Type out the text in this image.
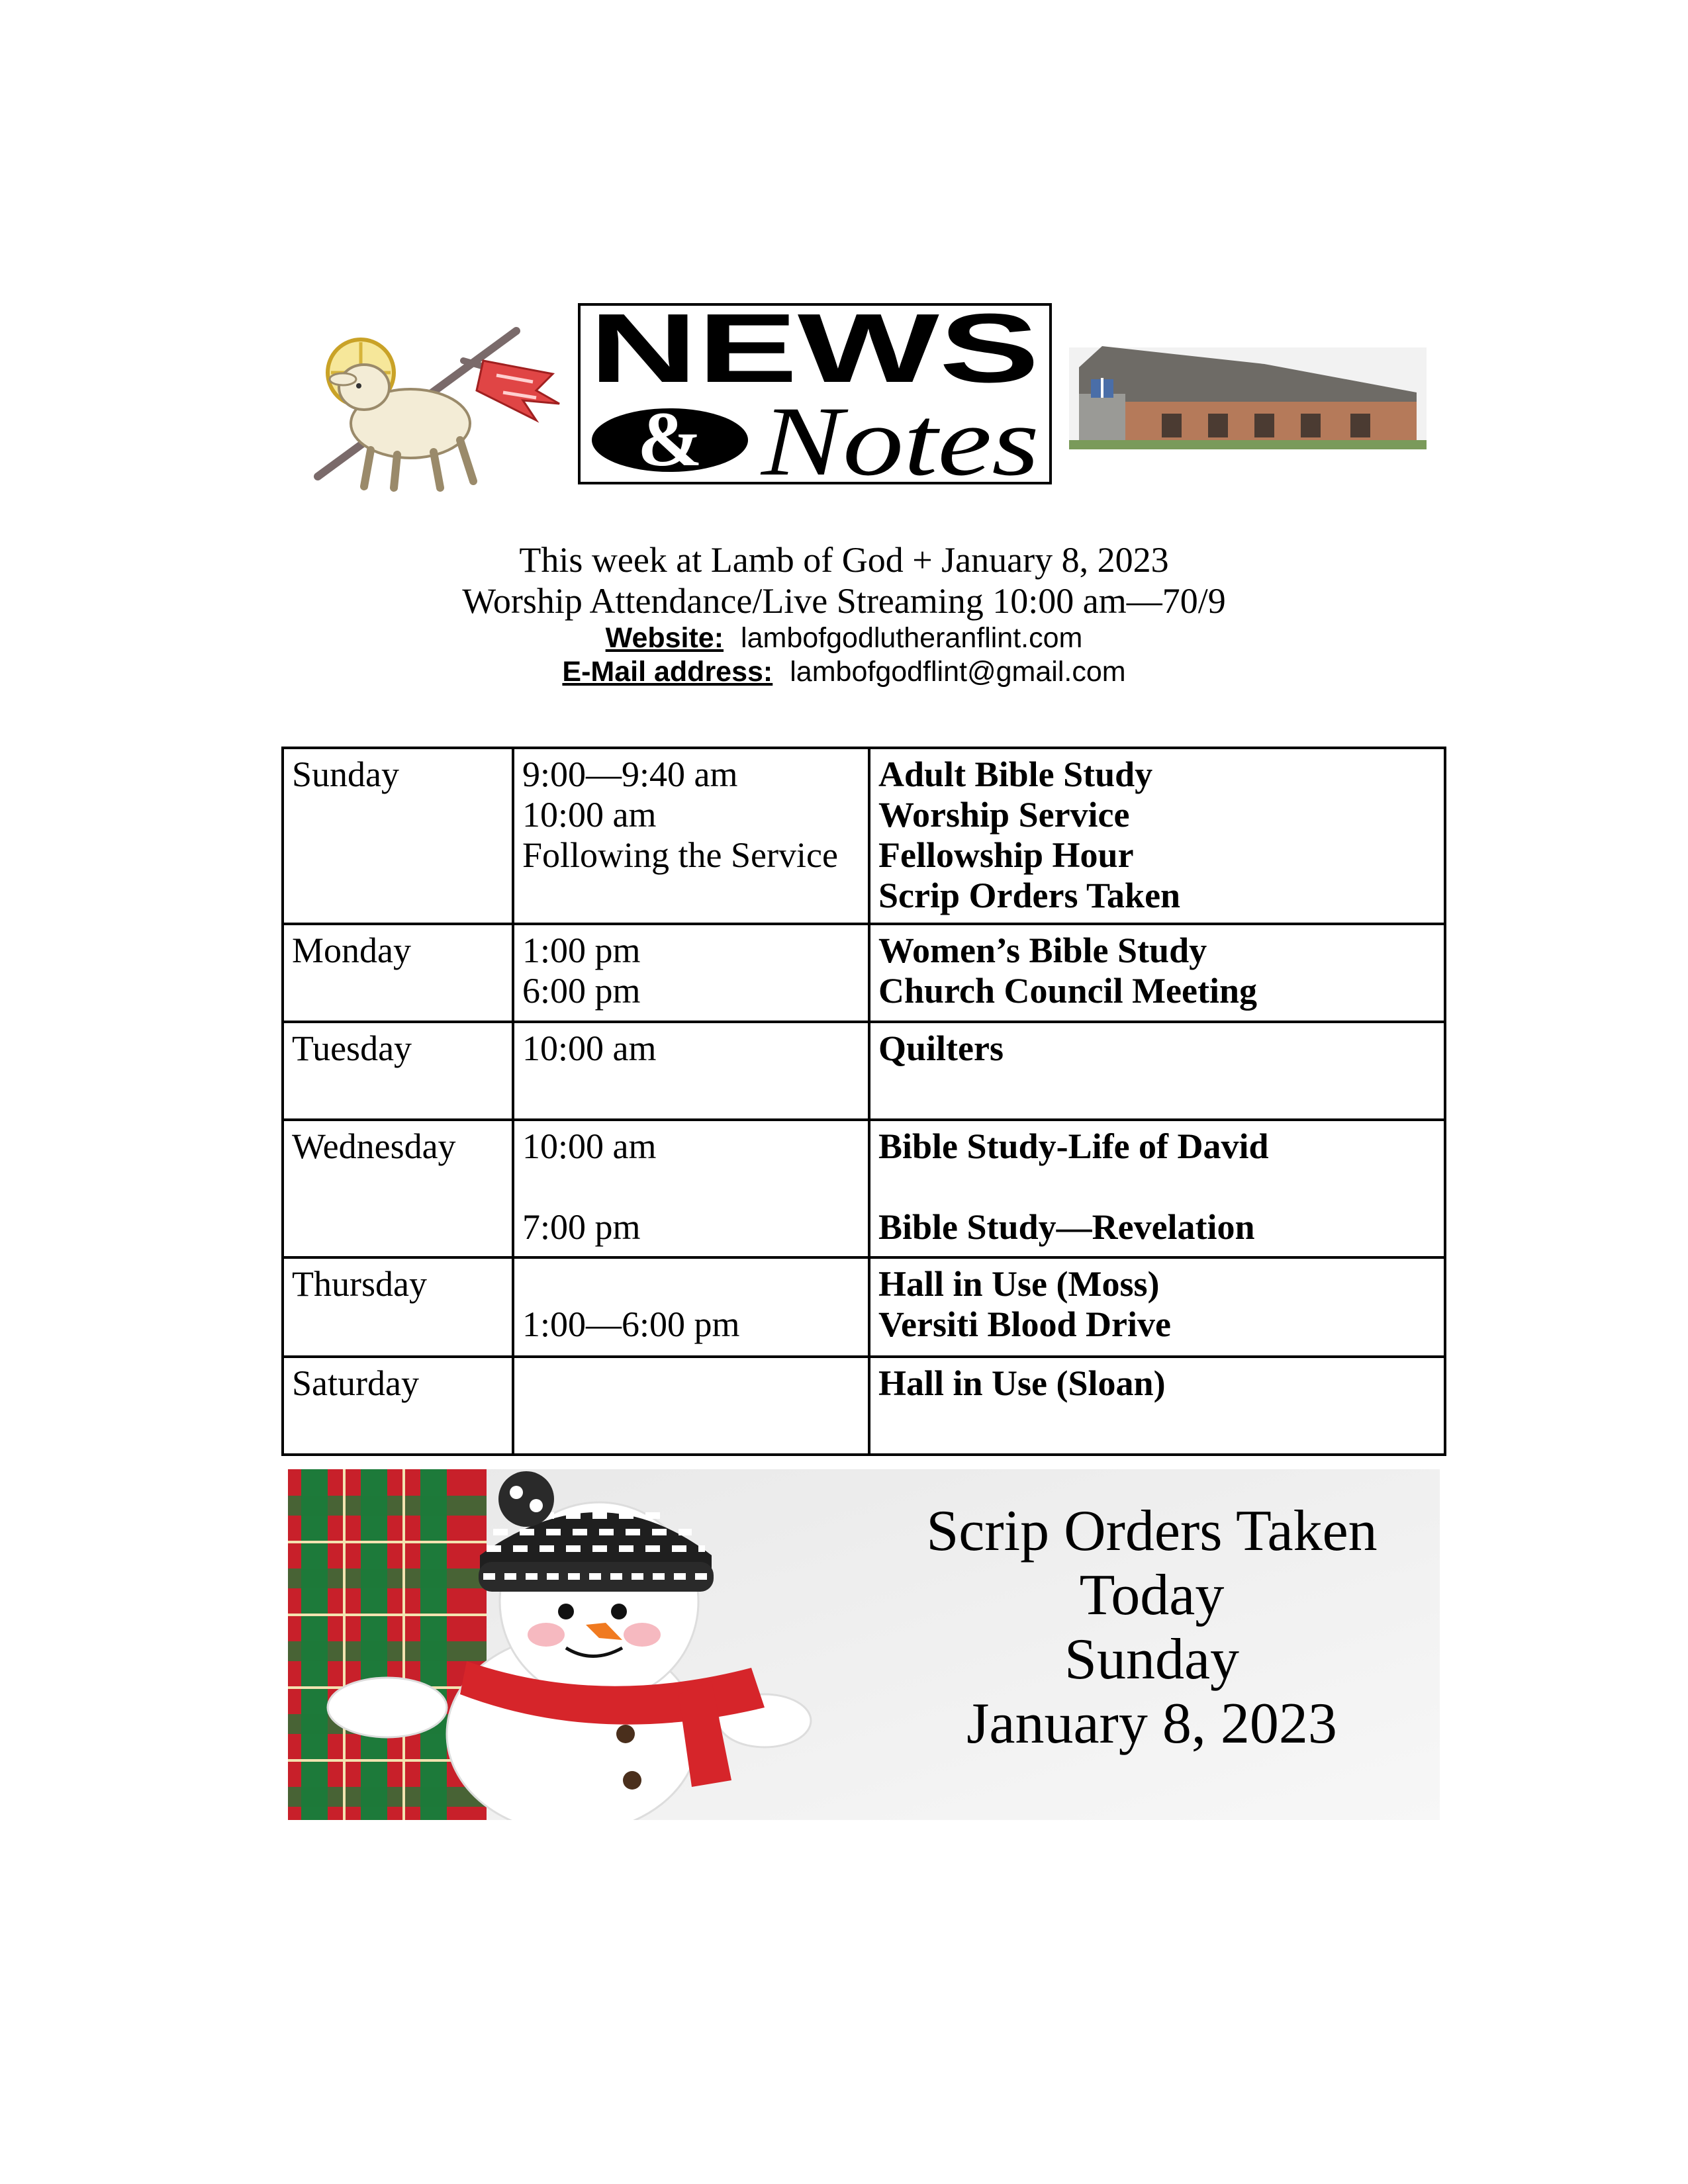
NEWS
& Notes
This week at Lamb of God + January 8, 2023
Worship Attendance/Live Streaming 10:00 am—70/9
Website: lambofgodlutheranflint.com
E-Mail address: lambofgodflint@gmail.com
Sunday	9:00—9:40 am
10:00 am
Following the Service	Adult Bible Study
Worship Service
Fellowship Hour
Scrip Orders Taken

Monday	1:00 pm
6:00 pm	Women’s Bible Study
Church Council Meeting

Tuesday	10:00 am	Quilters

Wednesday	10:00 am
7:00 pm	Bible Study-Life of David
Bible Study—Revelation

Thursday	1:00—6:00 pm	Hall in Use (Moss)
Versiti Blood Drive

Saturday		Hall in Use (Sloan)
Scrip Orders Taken
Today
Sunday
January 8, 2023
